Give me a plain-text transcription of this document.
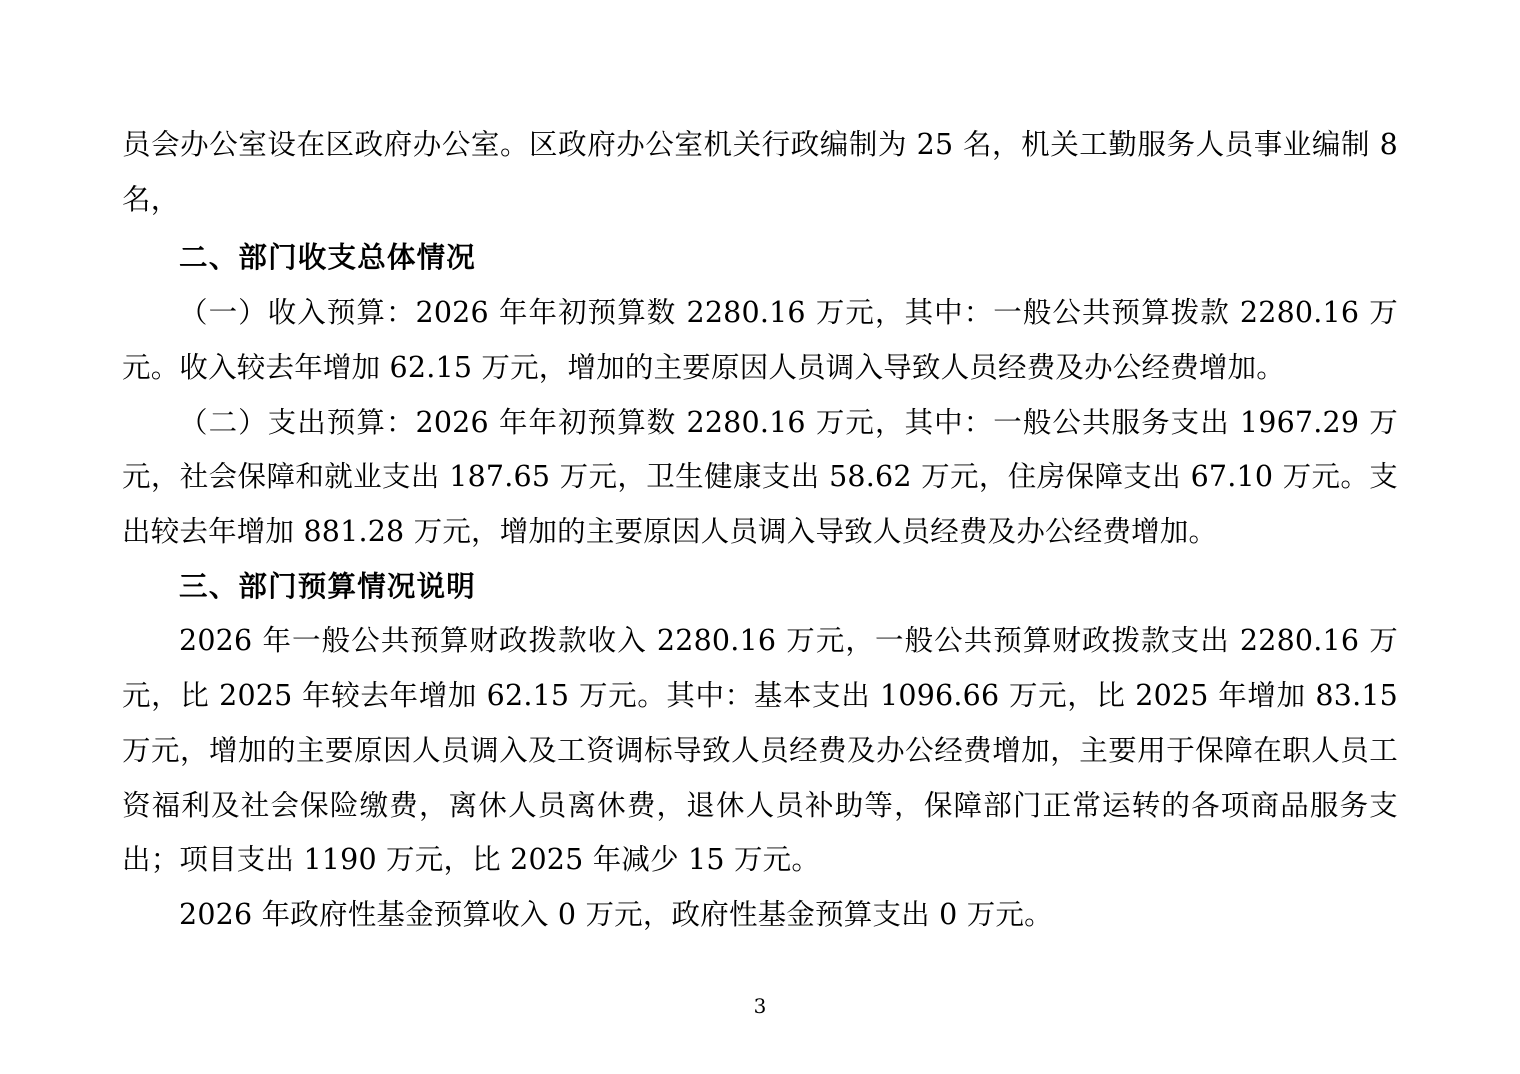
员会办公室设在区政府办公室。区政府办公室机关行政编制为 25 名，机关工勤服务人员事业编制 8 名，

二、部门收支总体情况

（一）收入预算：2026 年年初预算数 2280.16 万元，其中：一般公共预算拨款 2280.16 万元。收入较去年增加 62.15 万元，增加的主要原因人员调入导致人员经费及办公经费增加。

（二）支出预算：2026 年年初预算数 2280.16 万元，其中：一般公共服务支出 1967.29 万元，社会保障和就业支出 187.65 万元，卫生健康支出 58.62 万元，住房保障支出 67.10 万元。支出较去年增加 881.28 万元，增加的主要原因人员调入导致人员经费及办公经费增加。

三、部门预算情况说明

2026 年一般公共预算财政拨款收入 2280.16 万元，一般公共预算财政拨款支出 2280.16 万元，比 2025 年较去年增加 62.15 万元。其中：基本支出 1096.66 万元，比 2025 年增加 83.15 万元，增加的主要原因人员调入及工资调标导致人员经费及办公经费增加，主要用于保障在职人员工资福利及社会保险缴费，离休人员离休费，退休人员补助等，保障部门正常运转的各项商品服务支出；项目支出 1190 万元，比 2025 年减少 15 万元。

2026 年政府性基金预算收入 0 万元，政府性基金预算支出 0 万元。

3
